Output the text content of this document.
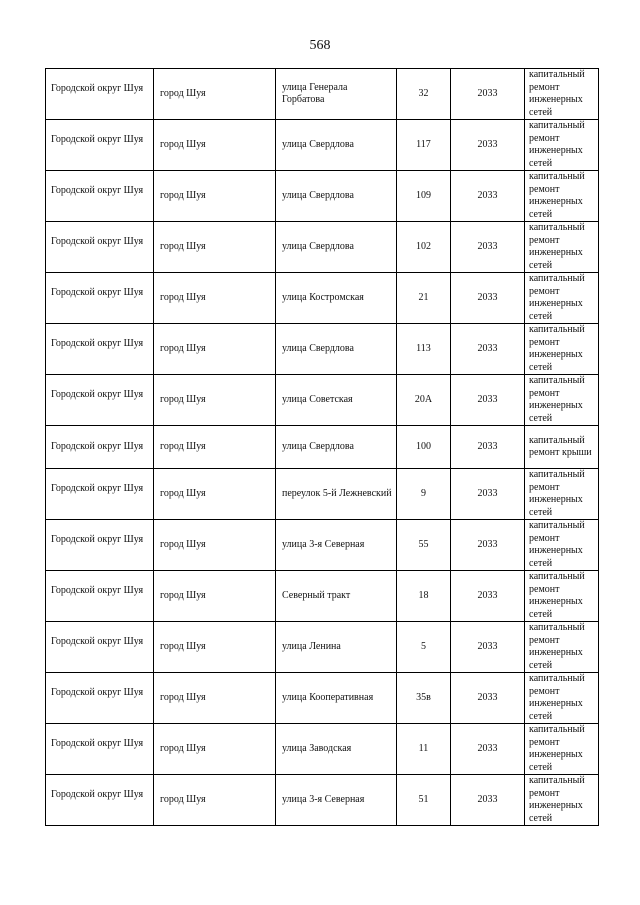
568
Городской округ Шуя	город Шуя	улица Генерала Горбатова	32	2033	капитальный ремонт инженерных сетей
Городской округ Шуя	город Шуя	улица Свердлова	117	2033	капитальный ремонт инженерных сетей
Городской округ Шуя	город Шуя	улица Свердлова	109	2033	капитальный ремонт инженерных сетей
Городской округ Шуя	город Шуя	улица Свердлова	102	2033	капитальный ремонт инженерных сетей
Городской округ Шуя	город Шуя	улица Костромская	21	2033	капитальный ремонт инженерных сетей
Городской округ Шуя	город Шуя	улица Свердлова	113	2033	капитальный ремонт инженерных сетей
Городской округ Шуя	город Шуя	улица Советская	20А	2033	капитальный ремонт инженерных сетей
Городской округ Шуя	город Шуя	улица Свердлова	100	2033	капитальный ремонт крыши
Городской округ Шуя	город Шуя	переулок 5-й Лежневский	9	2033	капитальный ремонт инженерных сетей
Городской округ Шуя	город Шуя	улица 3-я Северная	55	2033	капитальный ремонт инженерных сетей
Городской округ Шуя	город Шуя	Северный тракт	18	2033	капитальный ремонт инженерных сетей
Городской округ Шуя	город Шуя	улица Ленина	5	2033	капитальный ремонт инженерных сетей
Городской округ Шуя	город Шуя	улица Кооперативная	35в	2033	капитальный ремонт инженерных сетей
Городской округ Шуя	город Шуя	улица Заводская	11	2033	капитальный ремонт инженерных сетей
Городской округ Шуя	город Шуя	улица 3-я Северная	51	2033	капитальный ремонт инженерных сетей
